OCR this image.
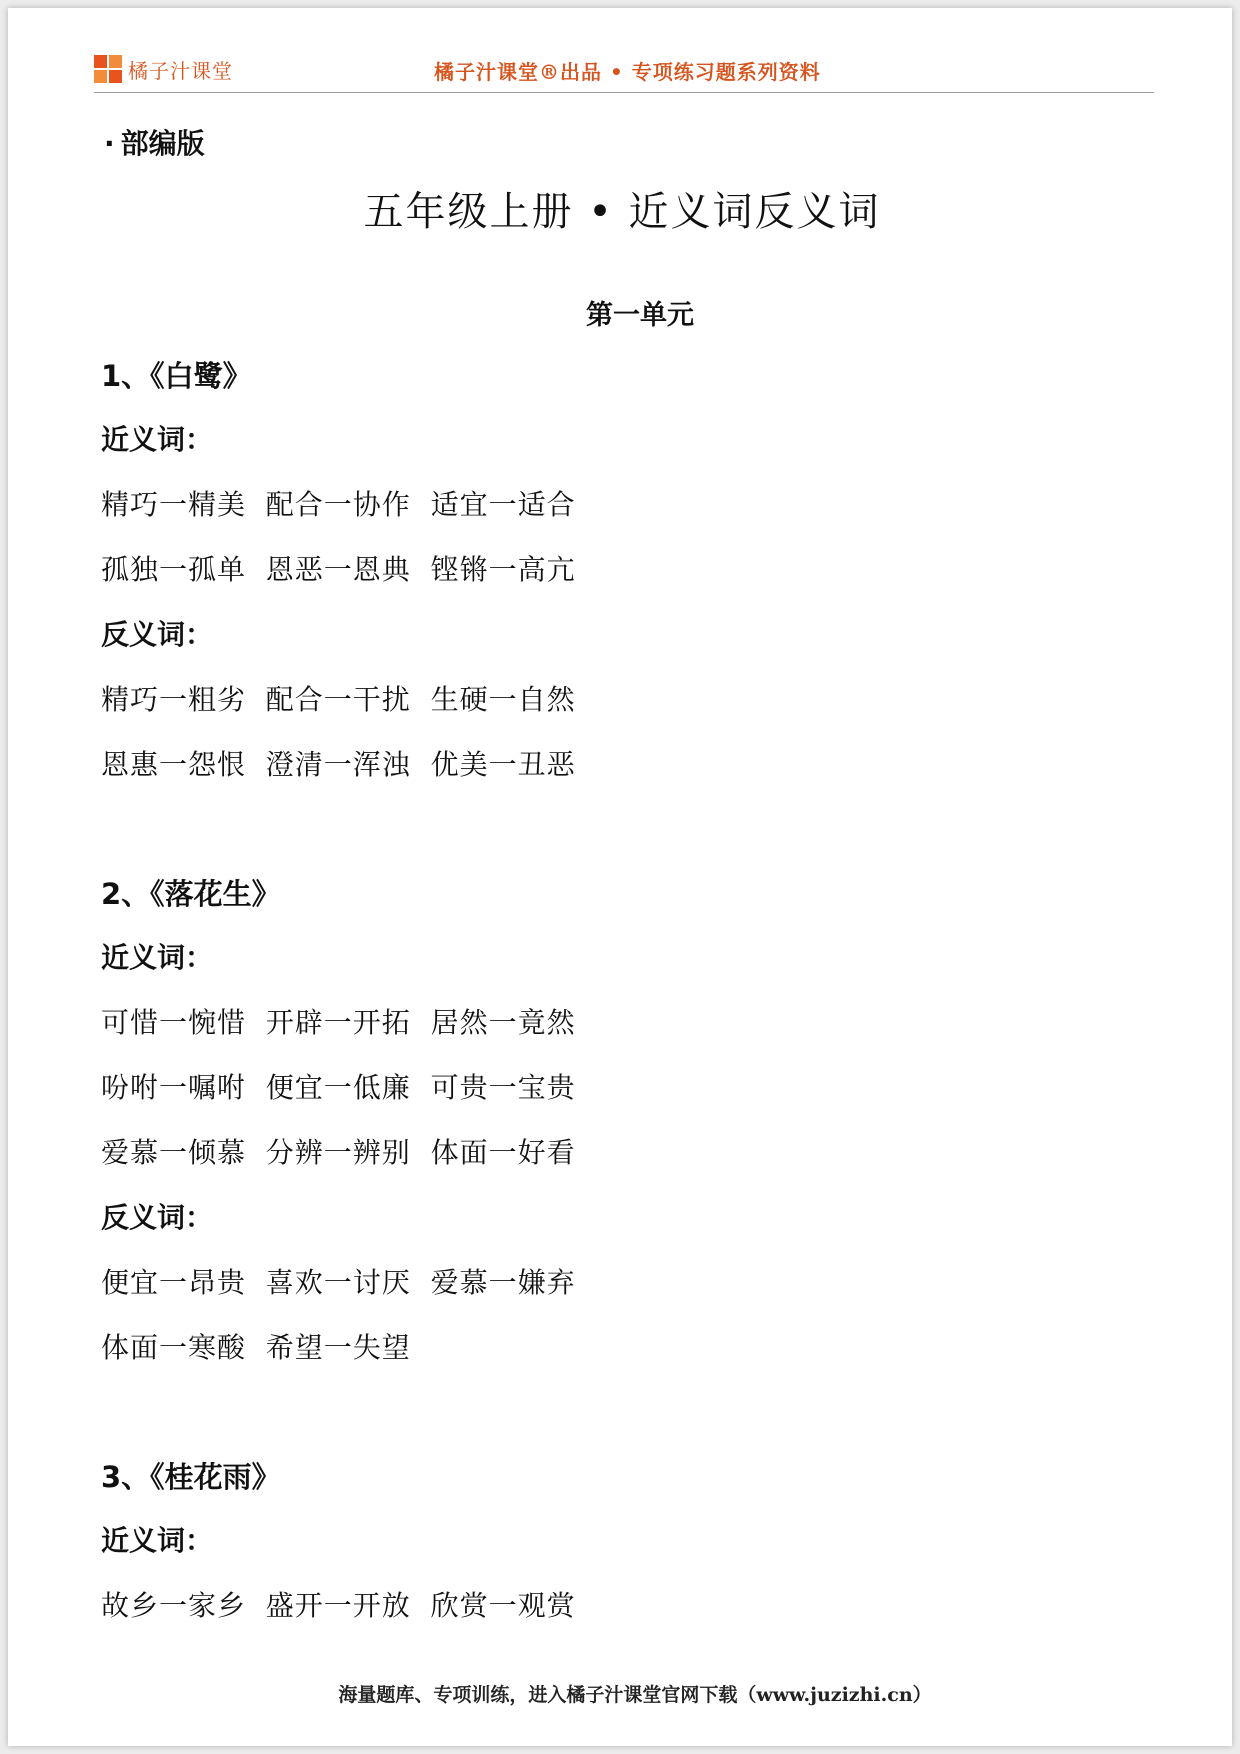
橘子汁课堂	橘子汁课堂®出品 • 专项练习题系列资料
· 部编版
五年级上册 • 近义词反义词
第一单元
1、《白鹭》
近义词：
精巧一精美  配合一协作  适宜一适合
孤独一孤单  恩恶一恩典  铿锵一高亢
反义词：
精巧一粗劣  配合一干扰  生硬一自然
恩惠一怨恨  澄清一浑浊  优美一丑恶
2、《落花生》
近义词：
可惜一惋惜  开辟一开拓  居然一竟然
吩咐一嘱咐  便宜一低廉  可贵一宝贵
爱慕一倾慕  分辨一辨别  体面一好看
反义词：
便宜一昂贵  喜欢一讨厌  爱慕一嫌弃
体面一寒酸  希望一失望
3、《桂花雨》
近义词：
故乡一家乡  盛开一开放  欣赏一观赏
海量题库、专项训练，进入橘子汁课堂官网下载（www.juzizhi.cn）
